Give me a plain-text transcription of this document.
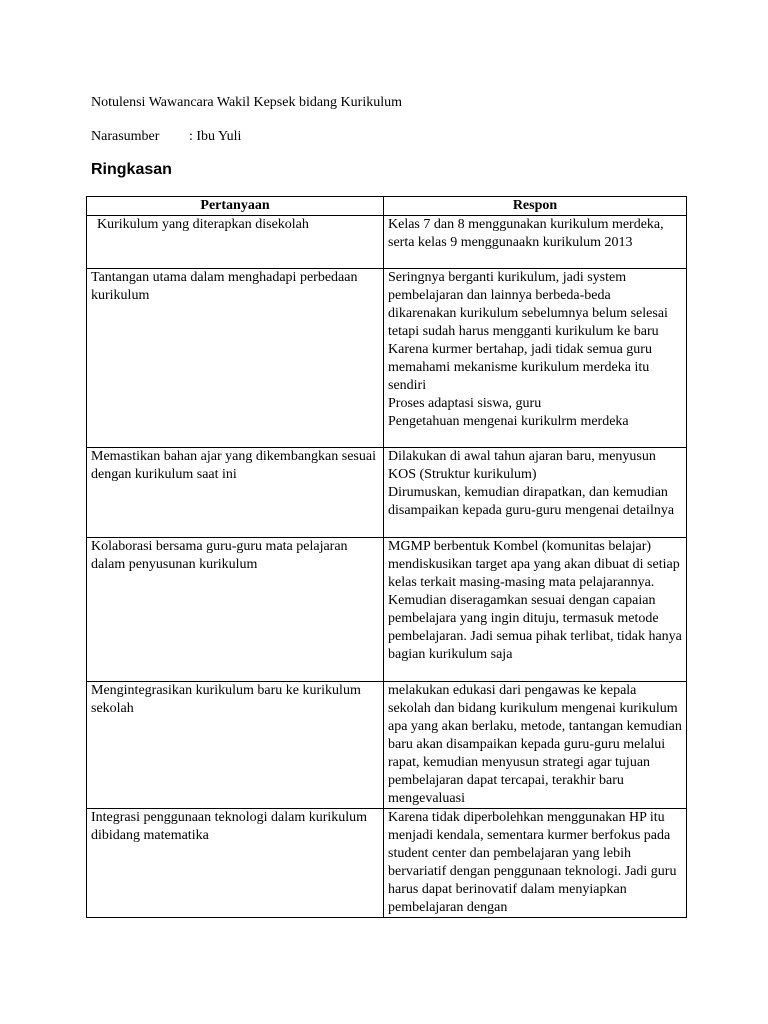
Notulensi Wawancara Wakil Kepsek bidang Kurikulum
Narasumber : Ibu Yuli
Ringkasan
Pertanyaan	Respon
Kurikulum yang diterapkan disekolah	Kelas 7 dan 8 menggunakan kurikulum merdeka, serta kelas 9 menggunaakn kurikulum 2013

Tantangan utama dalam menghadapi perbedaan kurikulum	Seringnya berganti kurikulum, jadi system pembelajaran dan lainnya berbeda-beda dikarenakan kurikulum sebelumnya belum selesai tetapi sudah harus mengganti kurikulum ke baru
Karena kurmer bertahap, jadi tidak semua guru memahami mekanisme kurikulum merdeka itu sendiri
Proses adaptasi siswa, guru
Pengetahuan mengenai kurikulrm merdeka

Memastikan bahan ajar yang dikembangkan sesuai dengan kurikulum saat ini	Dilakukan di awal tahun ajaran baru, menyusun KOS (Struktur kurikulum)
Dirumuskan, kemudian dirapatkan, dan kemudian disampaikan kepada guru-guru mengenai detailnya

Kolaborasi bersama guru-guru mata pelajaran dalam penyusunan kurikulum	MGMP berbentuk Kombel (komunitas belajar) mendiskusikan target apa yang akan dibuat di setiap kelas terkait masing-masing mata pelajarannya. Kemudian diseragamkan sesuai dengan capaian pembelajara yang ingin dituju, termasuk metode pembelajaran. Jadi semua pihak terlibat, tidak hanya bagian kurikulum saja

Mengintegrasikan kurikulum baru ke kurikulum sekolah	melakukan edukasi dari pengawas ke kepala sekolah dan bidang kurikulum mengenai kurikulum apa yang akan berlaku, metode, tantangan kemudian baru akan disampaikan kepada guru-guru melalui rapat, kemudian menyusun strategi agar tujuan pembelajaran dapat tercapai, terakhir baru mengevaluasi

Integrasi penggunaan teknologi dalam kurikulum dibidang matematika	Karena tidak diperbolehkan menggunakan HP itu menjadi kendala, sementara kurmer berfokus pada student center dan pembelajaran yang lebih bervariatif dengan penggunaan teknologi. Jadi guru harus dapat berinovatif dalam menyiapkan pembelajaran dengan
